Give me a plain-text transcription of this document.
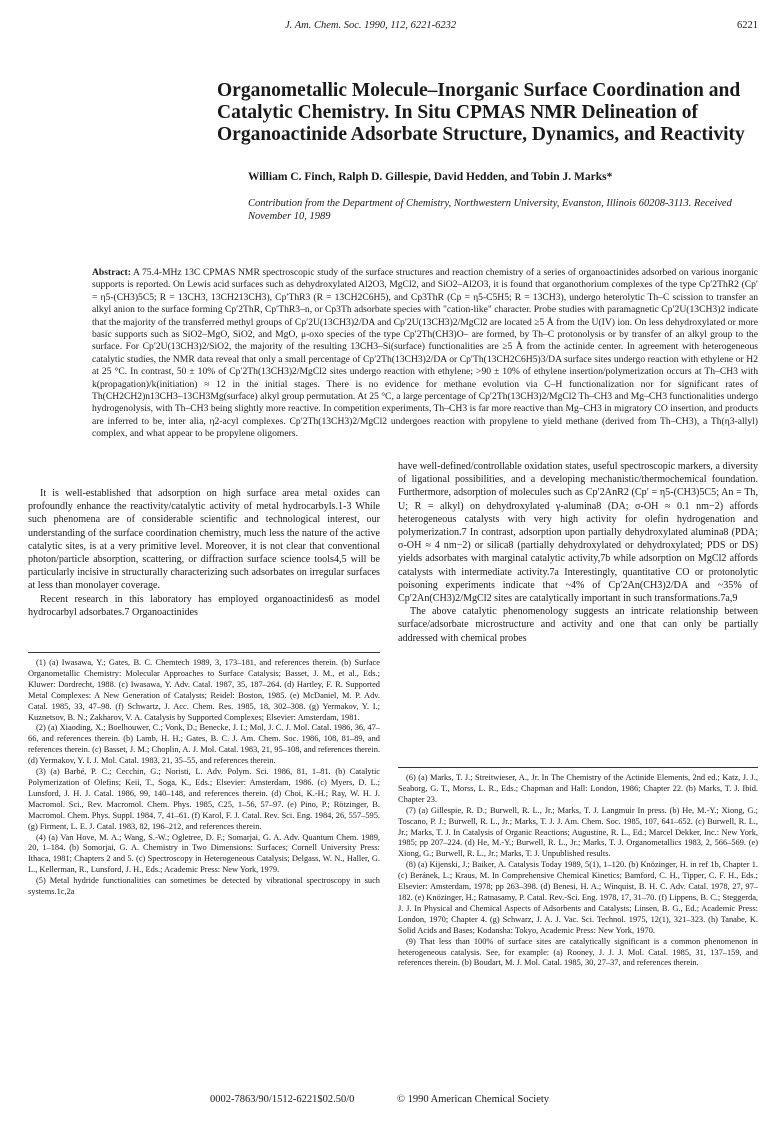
J. Am. Chem. Soc. 1990, 112, 6221-6232	6221
Organometallic Molecule–Inorganic Surface Coordination and Catalytic Chemistry. In Situ CPMAS NMR Delineation of Organoactinide Adsorbate Structure, Dynamics, and Reactivity
William C. Finch, Ralph D. Gillespie, David Hedden, and Tobin J. Marks*
Contribution from the Department of Chemistry, Northwestern University, Evanston, Illinois 60208-3113. Received November 10, 1989
Abstract: A 75.4-MHz 13C CPMAS NMR spectroscopic study of the surface structures and reaction chemistry of a series of organoactinides adsorbed on various inorganic supports is reported. On Lewis acid surfaces such as dehydroxylated Al2O3, MgCl2, and SiO2–Al2O3, it is found that organothorium complexes of the type Cp′2ThR2 (Cp′ = η5-(CH3)5C5; R = 13CH3, 13CH213CH3), Cp′ThR3 (R = 13CH2C6H5), and Cp3ThR (Cp = η5-C5H5; R = 13CH3), undergo heterolytic Th–C scission to transfer an alkyl anion to the surface forming Cp′2ThR, Cp′ThR3–n, or Cp3Th adsorbate species with "cation-like" character. Probe studies with paramagnetic Cp′2U(13CH3)2 indicate that the majority of the transferred methyl groups of Cp′2U(13CH3)2/DA and Cp′2U(13CH3)2/MgCl2 are located ≥5 Å from the U(IV) ion. On less dehydroxylated or more basic supports such as SiO2–MgO, SiO2, and MgO, μ-oxo species of the type Cp′2Th(CH3)O– are formed, by Th–C protonolysis or by transfer of an alkyl group to the surface. For Cp′2U(13CH3)2/SiO2, the majority of the resulting 13CH3–Si(surface) functionalities are ≥5 Å from the actinide center. In agreement with heterogeneous catalytic studies, the NMR data reveal that only a small percentage of Cp′2Th(13CH3)2/DA or Cp′Th(13CH2C6H5)3/DA surface sites undergo reaction with ethylene or H2 at 25 °C. In contrast, 50 ± 10% of Cp′2Th(13CH3)2/MgCl2 sites undergo reaction with ethylene; >90 ± 10% of ethylene insertion/polymerization occurs at Th–CH3 with k(propagation)/k(initiation) ≈ 12 in the initial stages. There is no evidence for methane evolution via C–H functionalization nor for significant rates of Th(CH2CH2)n13CH3–13CH3Mg(surface) alkyl group permutation. At 25 °C, a large percentage of Cp′2Th(13CH3)2/MgCl2 Th–CH3 and Mg–CH3 functionalities undergo hydrogenolysis, with Th–CH3 being slightly more reactive. In competition experiments, Th–CH3 is far more reactive than Mg–CH3 in migratory CO insertion, and products are inferred to be, inter alia, η2-acyl complexes. Cp′2Th(13CH3)2/MgCl2 undergoes reaction with propylene to yield methane (derived from Th–CH3), a Th(η3-allyl) complex, and what appear to be propylene oligomers.

It is well-established that adsorption on high surface area metal oxides can profoundly enhance the reactivity/catalytic activity of metal hydrocarbyls.1-3 While such phenomena are of considerable scientific and technological interest, our understanding of the surface coordination chemistry, much less the nature of the active catalytic sites, is at a very primitive level. Moreover, it is not clear that conventional photon/particle absorption, scattering, or diffraction surface science tools4,5 will be particularly incisive in structurally characterizing such adsorbates on irregular surfaces at less than monolayer coverage.

Recent research in this laboratory has employed organoactinides6 as model hydrocarbyl adsorbates.7 Organoactinides

have well-defined/controllable oxidation states, useful spectroscopic markers, a diversity of ligational possibilities, and a developing mechanistic/thermochemical foundation. Furthermore, adsorption of molecules such as Cp′2AnR2 (Cp′ = η5-(CH3)5C5; An = Th, U; R = alkyl) on dehydroxylated γ-alumina8 (DA; σ-OH ≈ 0.1 nm−2) affords heterogeneous catalysts with very high activity for olefin hydrogenation and polymerization.7 In contrast, adsorption upon partially dehydroxylated alumina8 (PDA; σ-OH ≈ 4 nm−2) or silica8 (partially dehydroxylated or dehydroxylated; PDS or DS) yields adsorbates with marginal catalytic activity,7b while adsorption on MgCl2 affords catalysts with intermediate activity.7a Interestingly, quantitative CO or protonolytic poisoning experiments indicate that ~4% of Cp′2An(CH3)2/DA and ~35% of Cp′2An(CH3)2/MgCl2 sites are catalytically important in such transformations.7a,9

The above catalytic phenomenology suggests an intricate relationship between surface/adsorbate microstructure and activity and one that can only be partially addressed with chemical probes

(1) (a) Iwasawa, Y.; Gates, B. C. Chemtech 1989, 3, 173–181, and references therein. (b) Surface Organometallic Chemistry: Molecular Approaches to Surface Catalysis; Basset, J. M., et al., Eds.; Kluwer: Dordrecht, 1988. (c) Iwasawa, Y. Adv. Catal. 1987, 35, 187–264. (d) Hartley, F. R. Supported Metal Complexes: A New Generation of Catalysts; Reidel: Boston, 1985. (e) McDaniel, M. P. Adv. Catal. 1985, 33, 47–98. (f) Schwartz, J. Acc. Chem. Res. 1985, 18, 302–308. (g) Yermakov, Y. I.; Kuznetsov, B. N.; Zakharov, V. A. Catalysis by Supported Complexes; Elsevier: Amsterdam, 1981.

(2) (a) Xiaoding, X.; Boelhouwer, C.; Vonk, D.; Benecke, J. I.; Mol, J. C. J. Mol. Catal. 1986, 36, 47–66, and references therein. (b) Lamb, H. H.; Gates, B. C. J. Am. Chem. Soc. 1986, 108, 81–89, and references therein. (c) Basset, J. M.; Choplin, A. J. Mol. Catal. 1983, 21, 95–108, and references therein. (d) Yermakov, Y. I. J. Mol. Catal. 1983, 21, 35–55, and references therein.

(3) (a) Barbé, P. C.; Cecchin, G.; Noristi, L. Adv. Polym. Sci. 1986, 81, 1–81. (b) Catalytic Polymerization of Olefins; Keii, T., Soga, K., Eds.; Elsevier: Amsterdam, 1986. (c) Myers, D. L.; Lunsford, J. H. J. Catal. 1986, 99, 140–148, and references therein. (d) Choi, K.-H.; Ray, W. H. J. Macromol. Sci., Rev. Macromol. Chem. Phys. 1985, C25, 1–56, 57–97. (e) Pino, P.; Rötzinger, B. Macromol. Chem. Phys. Suppl. 1984, 7, 41–61. (f) Karol, F. J. Catal. Rev. Sci. Eng. 1984, 26, 557–595. (g) Firment, L. E. J. Catal. 1983, 82, 196–212, and references therein.

(4) (a) Van Hove, M. A.; Wang, S.-W.; Ogletree, D. F.; Somarjai, G. A. Adv. Quantum Chem. 1989, 20, 1–184. (b) Somorjai, G. A. Chemistry in Two Dimensions: Surfaces; Cornell University Press: Ithaca, 1981; Chapters 2 and 5. (c) Spectroscopy in Heterogeneous Catalysis; Delgass, W. N., Haller, G. L., Kellerman, R., Lunsford, J. H., Eds.; Academic Press: New York, 1979.

(5) Metal hydride functionalities can sometimes be detected by vibrational spectroscopy in such systems.1c,2a

(6) (a) Marks, T. J.; Streitwieser, A., Jr. In The Chemistry of the Actinide Elements, 2nd ed.; Katz, J. J., Seaborg, G. T., Morss, L. R., Eds.; Chapman and Hall: London, 1986; Chapter 22. (b) Marks, T. J. Ibid. Chapter 23.

(7) (a) Gillespie, R. D.; Burwell, R. L., Jr.; Marks, T. J. Langmuir In press. (b) He, M.-Y.; Xiong, G.; Toscano, P. J.; Burwell, R. L., Jr.; Marks, T. J. J. Am. Chem. Soc. 1985, 107, 641–652. (c) Burwell, R. L., Jr.; Marks, T. J. In Catalysis of Organic Reactions; Augustine, R. L., Ed.; Marcel Dekker, Inc.: New York, 1985; pp 207–224. (d) He, M.-Y.; Burwell, R. L., Jr.; Marks, T. J. Organometallics 1983, 2, 566–569. (e) Xiong, G.; Burwell, R. L., Jr.; Marks, T. J. Unpublished results.

(8) (a) Kijenski, J.; Baiker, A. Catalysis Today 1989, 5(1), 1–120. (b) Knözinger, H. in ref 1b, Chapter 1. (c) Beránek, L.; Kraus, M. In Comprehensive Chemical Kinetics; Bamford, C. H., Tipper, C. F. H., Eds.; Elsevier: Amsterdam, 1978; pp 263–398. (d) Benesi, H. A.; Winquist, B. H. C. Adv. Catal. 1978, 27, 97–182. (e) Knözinger, H.; Ratnasamy, P. Catal. Rev.-Sci. Eng. 1978, 17, 31–70. (f) Lippens, B. C.; Steggerda, J. J. In Physical and Chemical Aspects of Adsorbents and Catalysts; Linsen, B. G., Ed.; Academic Press: London, 1970; Chapter 4. (g) Schwarz, J. A. J. Vac. Sci. Technol. 1975, 12(1), 321–323. (h) Tanabe, K. Solid Acids and Bases; Kodansha: Tokyo, Academic Press: New York, 1970.

(9) That less than 100% of surface sites are catalytically significant is a common phenomenon in heterogeneous catalysis. See, for example: (a) Rooney, J. J. J. Mol. Catal. 1985, 31, 137–159, and references therein. (b) Boudart, M. J. Mol. Catal. 1985, 30, 27–37, and references therein.

0002-7863/90/1512-6221$02.50/0	© 1990 American Chemical Society
